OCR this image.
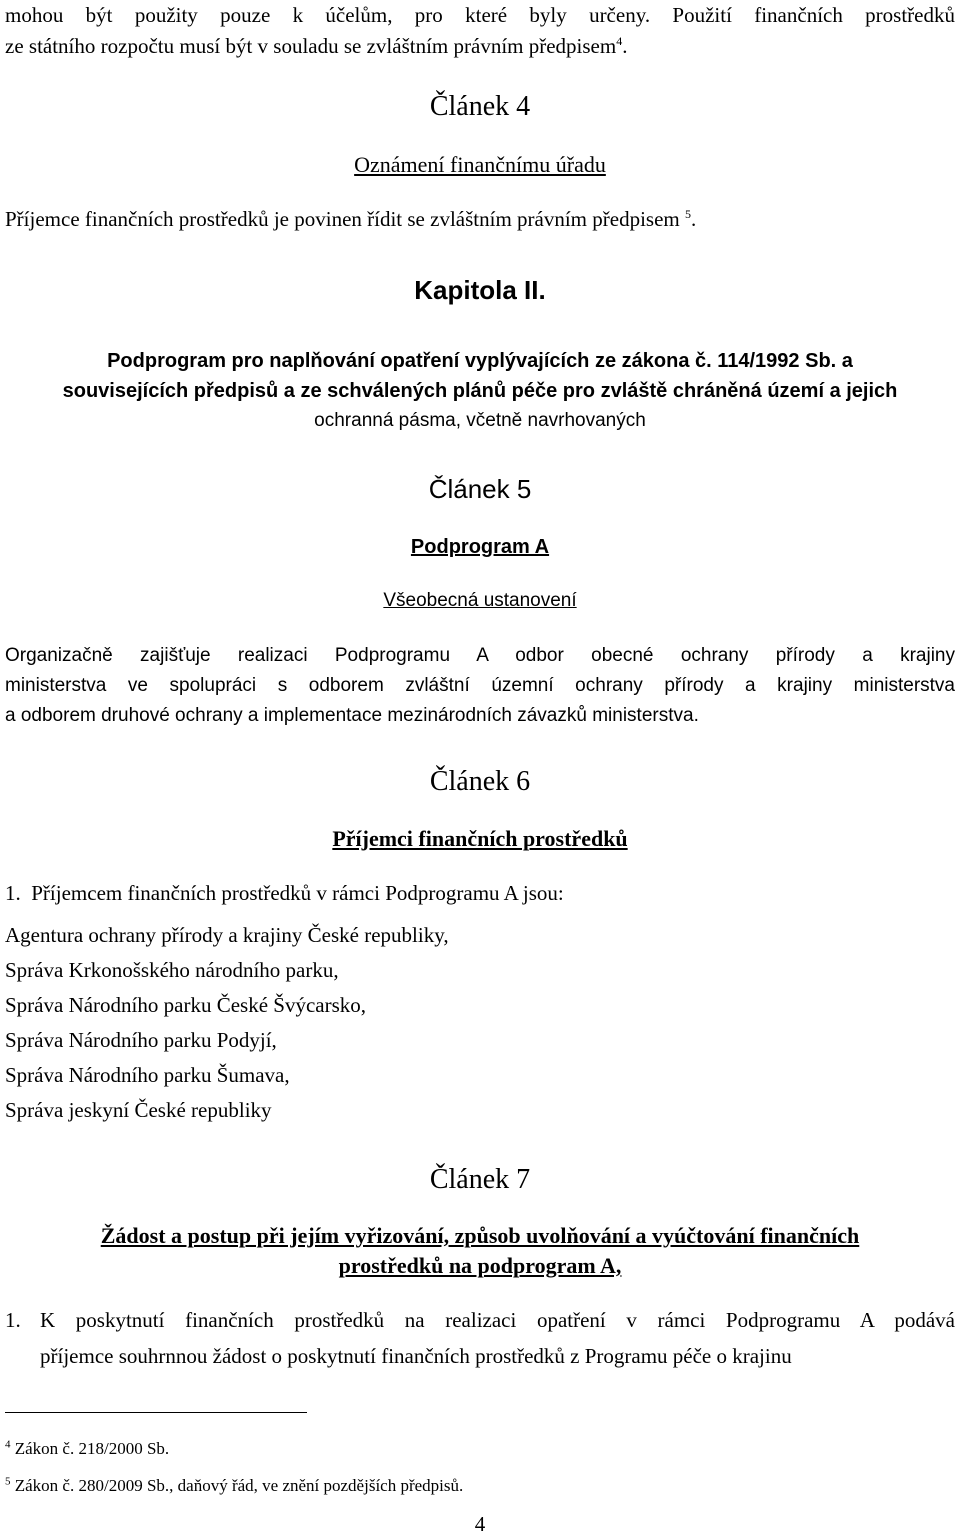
mohou být použity pouze k účelům, pro které byly určeny. Použití finančních prostředků
ze státního rozpočtu musí být v souladu se zvláštním právním předpisem$^4$.
Článek 4
Oznámení finančnímu úřadu
Příjemce finančních prostředků je povinen řídit se zvláštním právním předpisem $^5$.
Kapitola II.
Podprogram pro naplňování opatření vyplývajících ze zákona č. 114/1992 Sb. a
souvisejících předpisů a ze schválených plánů péče pro zvláště chráněná území a jejich
ochranná pásma, včetně navrhovaných
Článek 5
Podprogram A
Všeobecná ustanovení
Organizačně zajišťuje realizaci Podprogramu A odbor obecné ochrany přírody a krajiny
ministerstva ve spolupráci s odborem zvláštní územní ochrany přírody a krajiny ministerstva
a odborem druhové ochrany a implementace mezinárodních závazků ministerstva.
Článek 6
Příjemci finančních prostředků
1. Příjemcem finančních prostředků v rámci Podprogramu A jsou:
Agentura ochrany přírody a krajiny České republiky,
Správa Krkonošského národního parku,
Správa Národního parku České Švýcarsko,
Správa Národního parku Podyjí,
Správa Národního parku Šumava,
Správa jeskyní České republiky
Článek 7
Žádost a postup při jejím vyřizování, způsob uvolňování a vyúčtování finančních
prostředků na podprogram A,
1. K poskytnutí finančních prostředků na realizaci opatření v rámci Podprogramu A podává
příjemce souhrnnou žádost o poskytnutí finančních prostředků z Programu péče o krajinu
$^4$ Zákon č. 218/2000 Sb.
$^5$ Zákon č. 280/2009 Sb., daňový řád, ve znění pozdějších předpisů.
4
